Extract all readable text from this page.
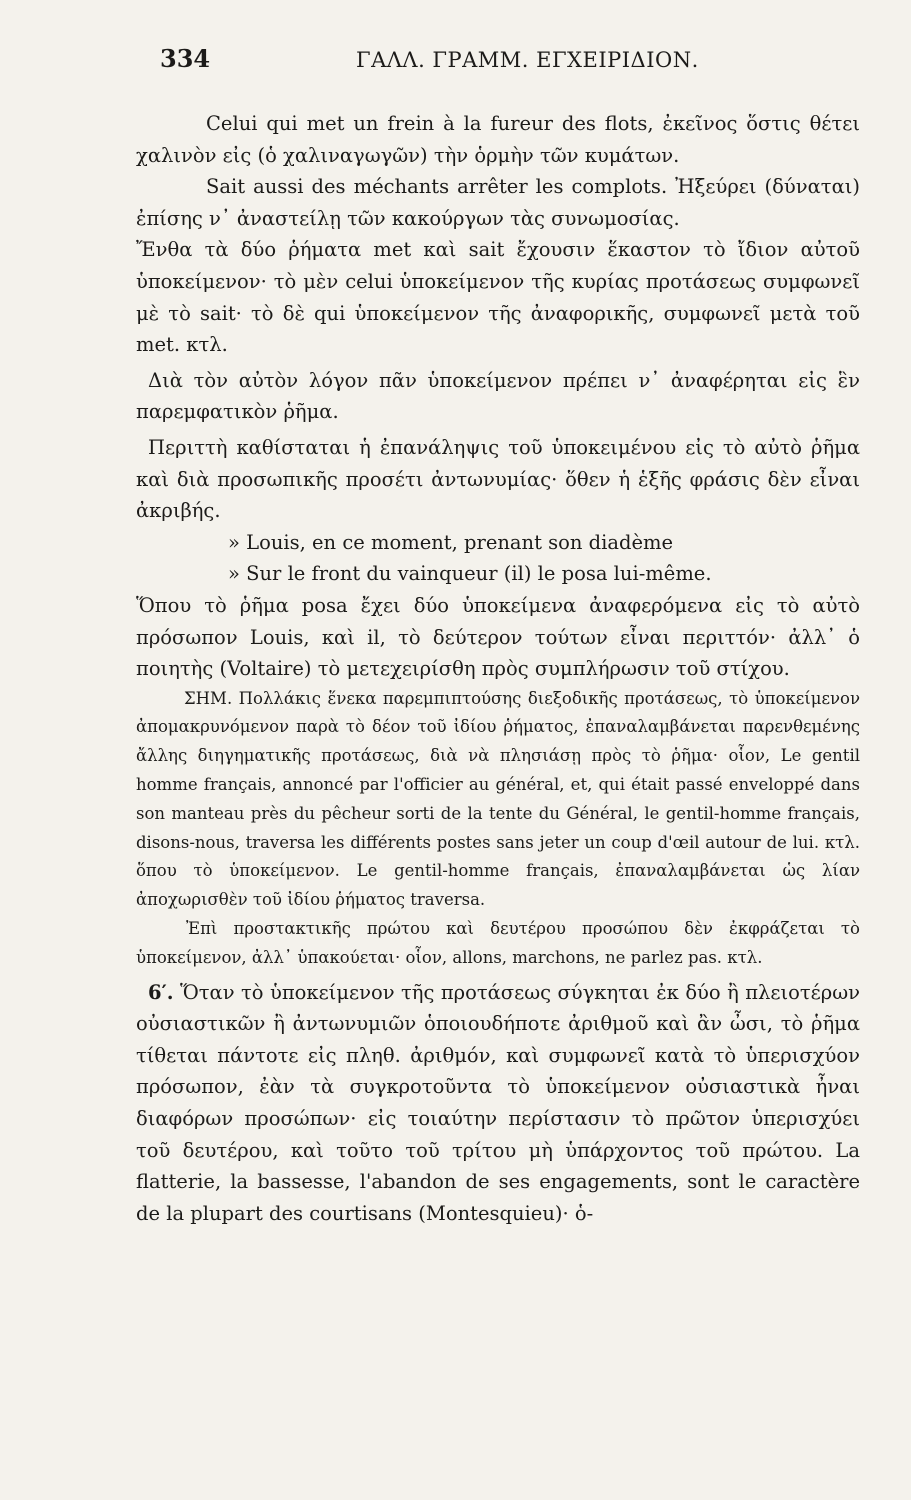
334	ΓΑΛΛ. ΓΡΑΜΜ. ΕΓΧΕΙΡΙΔΙΟΝ.

Celui qui met un frein à la fureur des flots, ἐκεῖνος ὅστις θέτει χαλινὸν εἰς (ὁ χαλιναγωγῶν) τὴν ὁρμὴν τῶν κυμάτων.

Sait aussi des méchants arrêter les complots. Ἠξεύρει (δύναται) ἐπίσης ν᾽ ἀναστείλῃ τῶν κακούργων τὰς συνωμοσίας.

Ἔνθα τὰ δύο ῥήματα met καὶ sait ἔχουσιν ἕκαστον τὸ ἴδιον αὐτοῦ ὑποκείμενον· τὸ μὲν celui ὑποκείμενον τῆς κυρίας προτάσεως συμφωνεῖ μὲ τὸ sait· τὸ δὲ qui ὑποκείμενον τῆς ἀναφορικῆς, συμφωνεῖ μετὰ τοῦ met. κτλ.

Διὰ τὸν αὐτὸν λόγον πᾶν ὑποκείμενον πρέπει ν᾽ ἀναφέρηται εἰς ἓν παρεμφατικὸν ῥῆμα.

Περιττὴ καθίσταται ἡ ἐπανάληψις τοῦ ὑποκειμένου εἰς τὸ αὐτὸ ῥῆμα καὶ διὰ προσωπικῆς προσέτι ἀντωνυμίας· ὅθεν ἡ ἑξῆς φράσις δὲν εἶναι ἀκριβής.

» Louis, en ce moment, prenant son diadème

» Sur le front du vainqueur (il) le posa lui-même.

Ὅπου τὸ ῥῆμα posa ἔχει δύο ὑποκείμενα ἀναφερόμενα εἰς τὸ αὐτὸ πρόσωπον Louis, καὶ il, τὸ δεύτερον τούτων εἶναι περιττόν· ἀλλ᾽ ὁ ποιητὴς (Voltaire) τὸ μετεχειρίσθη πρὸς συμπλήρωσιν τοῦ στίχου.

ΣΗΜ. Πολλάκις ἕνεκα παρεμπιπτούσης διεξοδικῆς προτάσεως, τὸ ὑποκείμενον ἀπομακρυνόμενον παρὰ τὸ δέον τοῦ ἰδίου ῥήματος, ἐπαναλαμβάνεται παρενθεμένης ἄλλης διηγηματικῆς προτάσεως, διὰ νὰ πλησιάσῃ πρὸς τὸ ῥῆμα· οἷον, Le gentil homme français, annoncé par l'officier au général, et, qui était passé enveloppé dans son manteau près du pêcheur sorti de la tente du Général, le gentil-homme français, disons-nous, traversa les différents postes sans jeter un coup d'œil autour de lui. κτλ. ὅπου τὸ ὑποκείμενον. Le gentil-homme français, ἐπαναλαμβάνεται ὡς λίαν ἀποχωρισθὲν τοῦ ἰδίου ῥήματος traversa.

Ἐπὶ προστακτικῆς πρώτου καὶ δευτέρου προσώπου δὲν ἐκφράζεται τὸ ὑποκείμενον, ἀλλ᾽ ὑπακούεται· οἷον, allons, marchons, ne parlez pas. κτλ.

6′. Ὅταν τὸ ὑποκείμενον τῆς προτάσεως σύγκηται ἐκ δύο ἢ πλειοτέρων οὐσιαστικῶν ἢ ἀντωνυμιῶν ὁποιουδήποτε ἀριθμοῦ καὶ ἂν ὦσι, τὸ ῥῆμα τίθεται πάντοτε εἰς πληθ. ἀριθμόν, καὶ συμφωνεῖ κατὰ τὸ ὑπερισχύον πρόσωπον, ἐὰν τὰ συγκροτοῦντα τὸ ὑποκείμενον οὐσιαστικὰ ἦναι διαφόρων προσώπων· εἰς τοιαύτην περίστασιν τὸ πρῶτον ὑπερισχύει τοῦ δευτέρου, καὶ τοῦτο τοῦ τρίτου μὴ ὑπάρχοντος τοῦ πρώτου. La flatterie, la bassesse, l'abandon de ses engagements, sont le caractère de la plupart des courtisans (Montesquieu)· ὁ-
